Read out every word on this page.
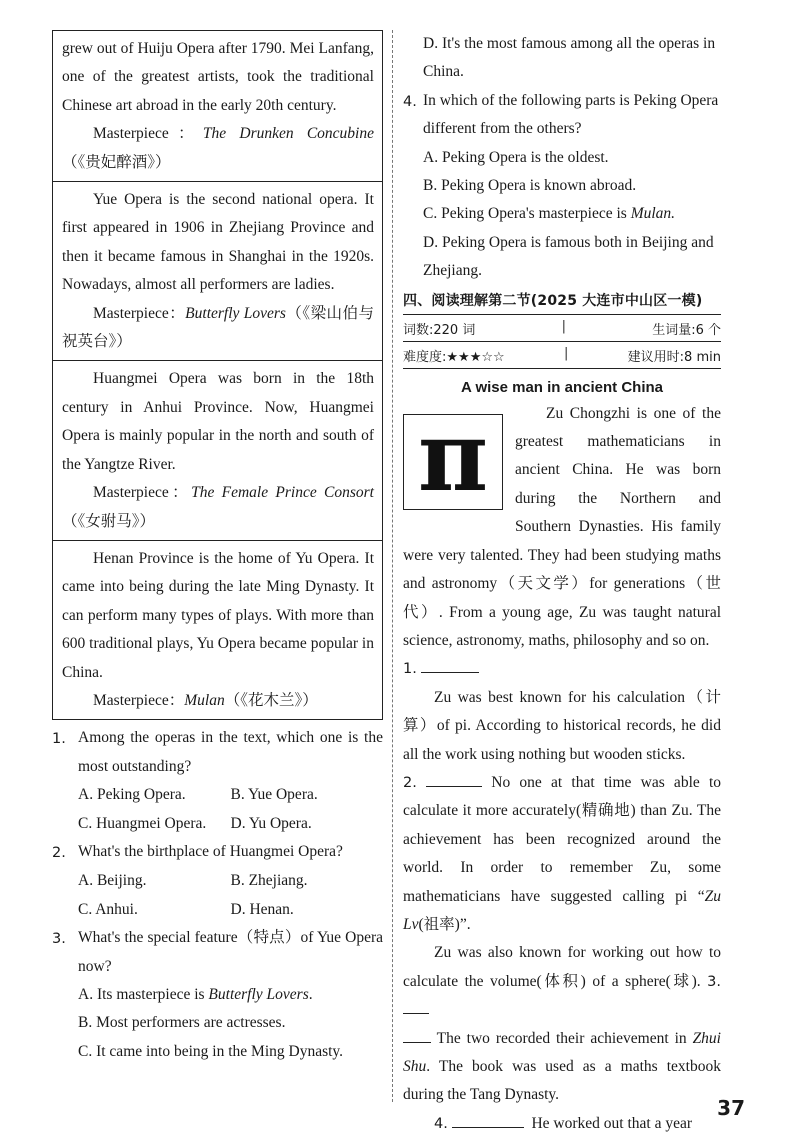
grew out of Huiju Opera after 1790. Mei Lanfang, one of the greatest artists, took the traditional Chinese art abroad in the early 20th century.
Masterpiece：The Drunken Concubine（《贵妃醉酒》）
Yue Opera is the second national opera. It first appeared in 1906 in Zhejiang Province and then it became famous in Shanghai in the 1920s. Nowadays, almost all performers are ladies.
Masterpiece：Butterfly Lovers（《梁山伯与祝英台》）
Huangmei Opera was born in the 18th century in Anhui Province. Now, Huangmei Opera is mainly popular in the north and south of the Yangtze River.
Masterpiece：The Female Prince Consort（《女驸马》）
Henan Province is the home of Yu Opera. It came into being during the late Ming Dynasty. It can perform many types of plays. With more than 600 traditional plays, Yu Opera became popular in China.
Masterpiece：Mulan（《花木兰》）
1. Among the operas in the text, which one is the most outstanding?
A. Peking Opera.	B. Yue Opera.
C. Huangmei Opera.	D. Yu Opera.
2. What's the birthplace of Huangmei Opera?
A. Beijing.	B. Zhejiang.
C. Anhui.	D. Henan.
3. What's the special feature（特点）of Yue Opera now?
A. Its masterpiece is Butterfly Lovers.
B. Most performers are actresses.
C. It came into being in the Ming Dynasty.
D. It's the most famous among all the operas in China.
4. In which of the following parts is Peking Opera different from the others?
A. Peking Opera is the oldest.
B. Peking Opera is known abroad.
C. Peking Opera's masterpiece is Mulan.
D. Peking Opera is famous both in Beijing and Zhejiang.
四、阅读理解第二节(2025 大连市中山区一模)
词数:220 词	|	生词量:6 个
难度度:★★★☆☆	|	建议用时:8 min
A wise man in ancient China
π	Zu Chongzhi is one of the greatest mathematicians in ancient China. He was born during the Northern and Southern Dynasties. His family were very talented. They had been studying maths and astronomy（天文学）for generations（世代）. From a young age, Zu was taught natural science, astronomy, maths, philosophy and so on.
1.
Zu was best known for his calculation（计算）of pi. According to historical records, he did all the work using nothing but wooden sticks.
2.	No one at that time was able to calculate it more accurately(精确地) than Zu. The achievement has been recognized around the world. In order to remember Zu, some mathematicians have suggested calling pi “Zu Lv(祖率)”.
Zu was also known for working out how to calculate the volume(体积) of a sphere(球). 3.
The two recorded their achievement in Zhui Shu. The book was used as a maths textbook during the Tang Dynasty.
4.	He worked out that a year
37
